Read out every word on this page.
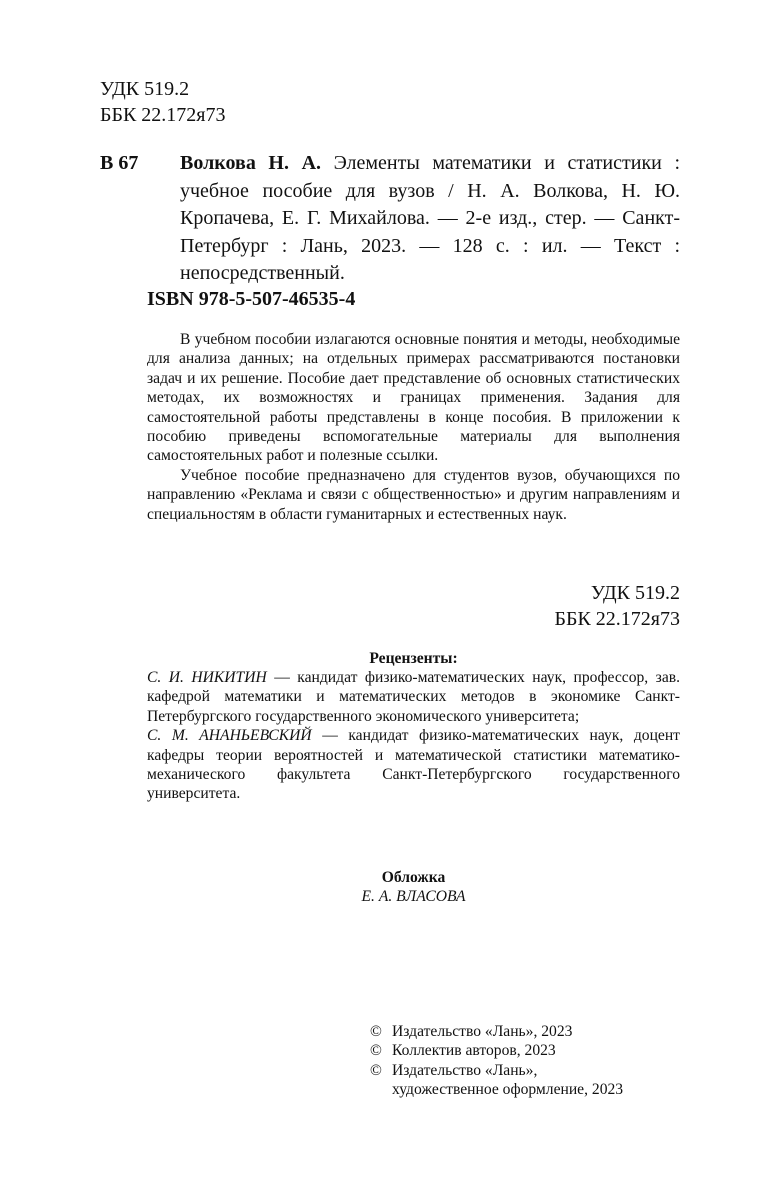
УДК 519.2
ББК 22.172я73
В 67 Волкова Н. А. Элементы математики и статистики : учебное пособие для вузов / Н. А. Волкова, Н. Ю. Кропачева, Е. Г. Михайлова. — 2-е изд., стер. — Санкт-Петербург : Лань, 2023. — 128 с. : ил. — Текст : непосредственный.
ISBN 978-5-507-46535-4

В учебном пособии излагаются основные понятия и методы, необходимые для анализа данных; на отдельных примерах рассматриваются постановки задач и их решение. Пособие дает представление об основных статистических методах, их возможностях и границах применения. Задания для самостоятельной работы представлены в конце пособия. В приложении к пособию приведены вспомогательные материалы для выполнения самостоятельных работ и полезные ссылки.

Учебное пособие предназначено для студентов вузов, обучающихся по направлению «Реклама и связи с общественностью» и другим направлениям и специальностям в области гуманитарных и естественных наук.

УДК 519.2
ББК 22.172я73
Рецензенты:

С. И. НИКИТИН — кандидат физико-математических наук, профессор, зав. кафедрой математики и математических методов в экономике Санкт-Петербургского государственного экономического университета;

С. М. АНАНЬЕВСКИЙ — кандидат физико-математических наук, доцент кафедры теории вероятностей и математической статистики математико-механического факультета Санкт-Петербургского государственного университета.

Обложка
Е. А. ВЛАСОВА
© Издательство «Лань», 2023
© Коллектив авторов, 2023
© Издательство «Лань»,
художественное оформление, 2023
